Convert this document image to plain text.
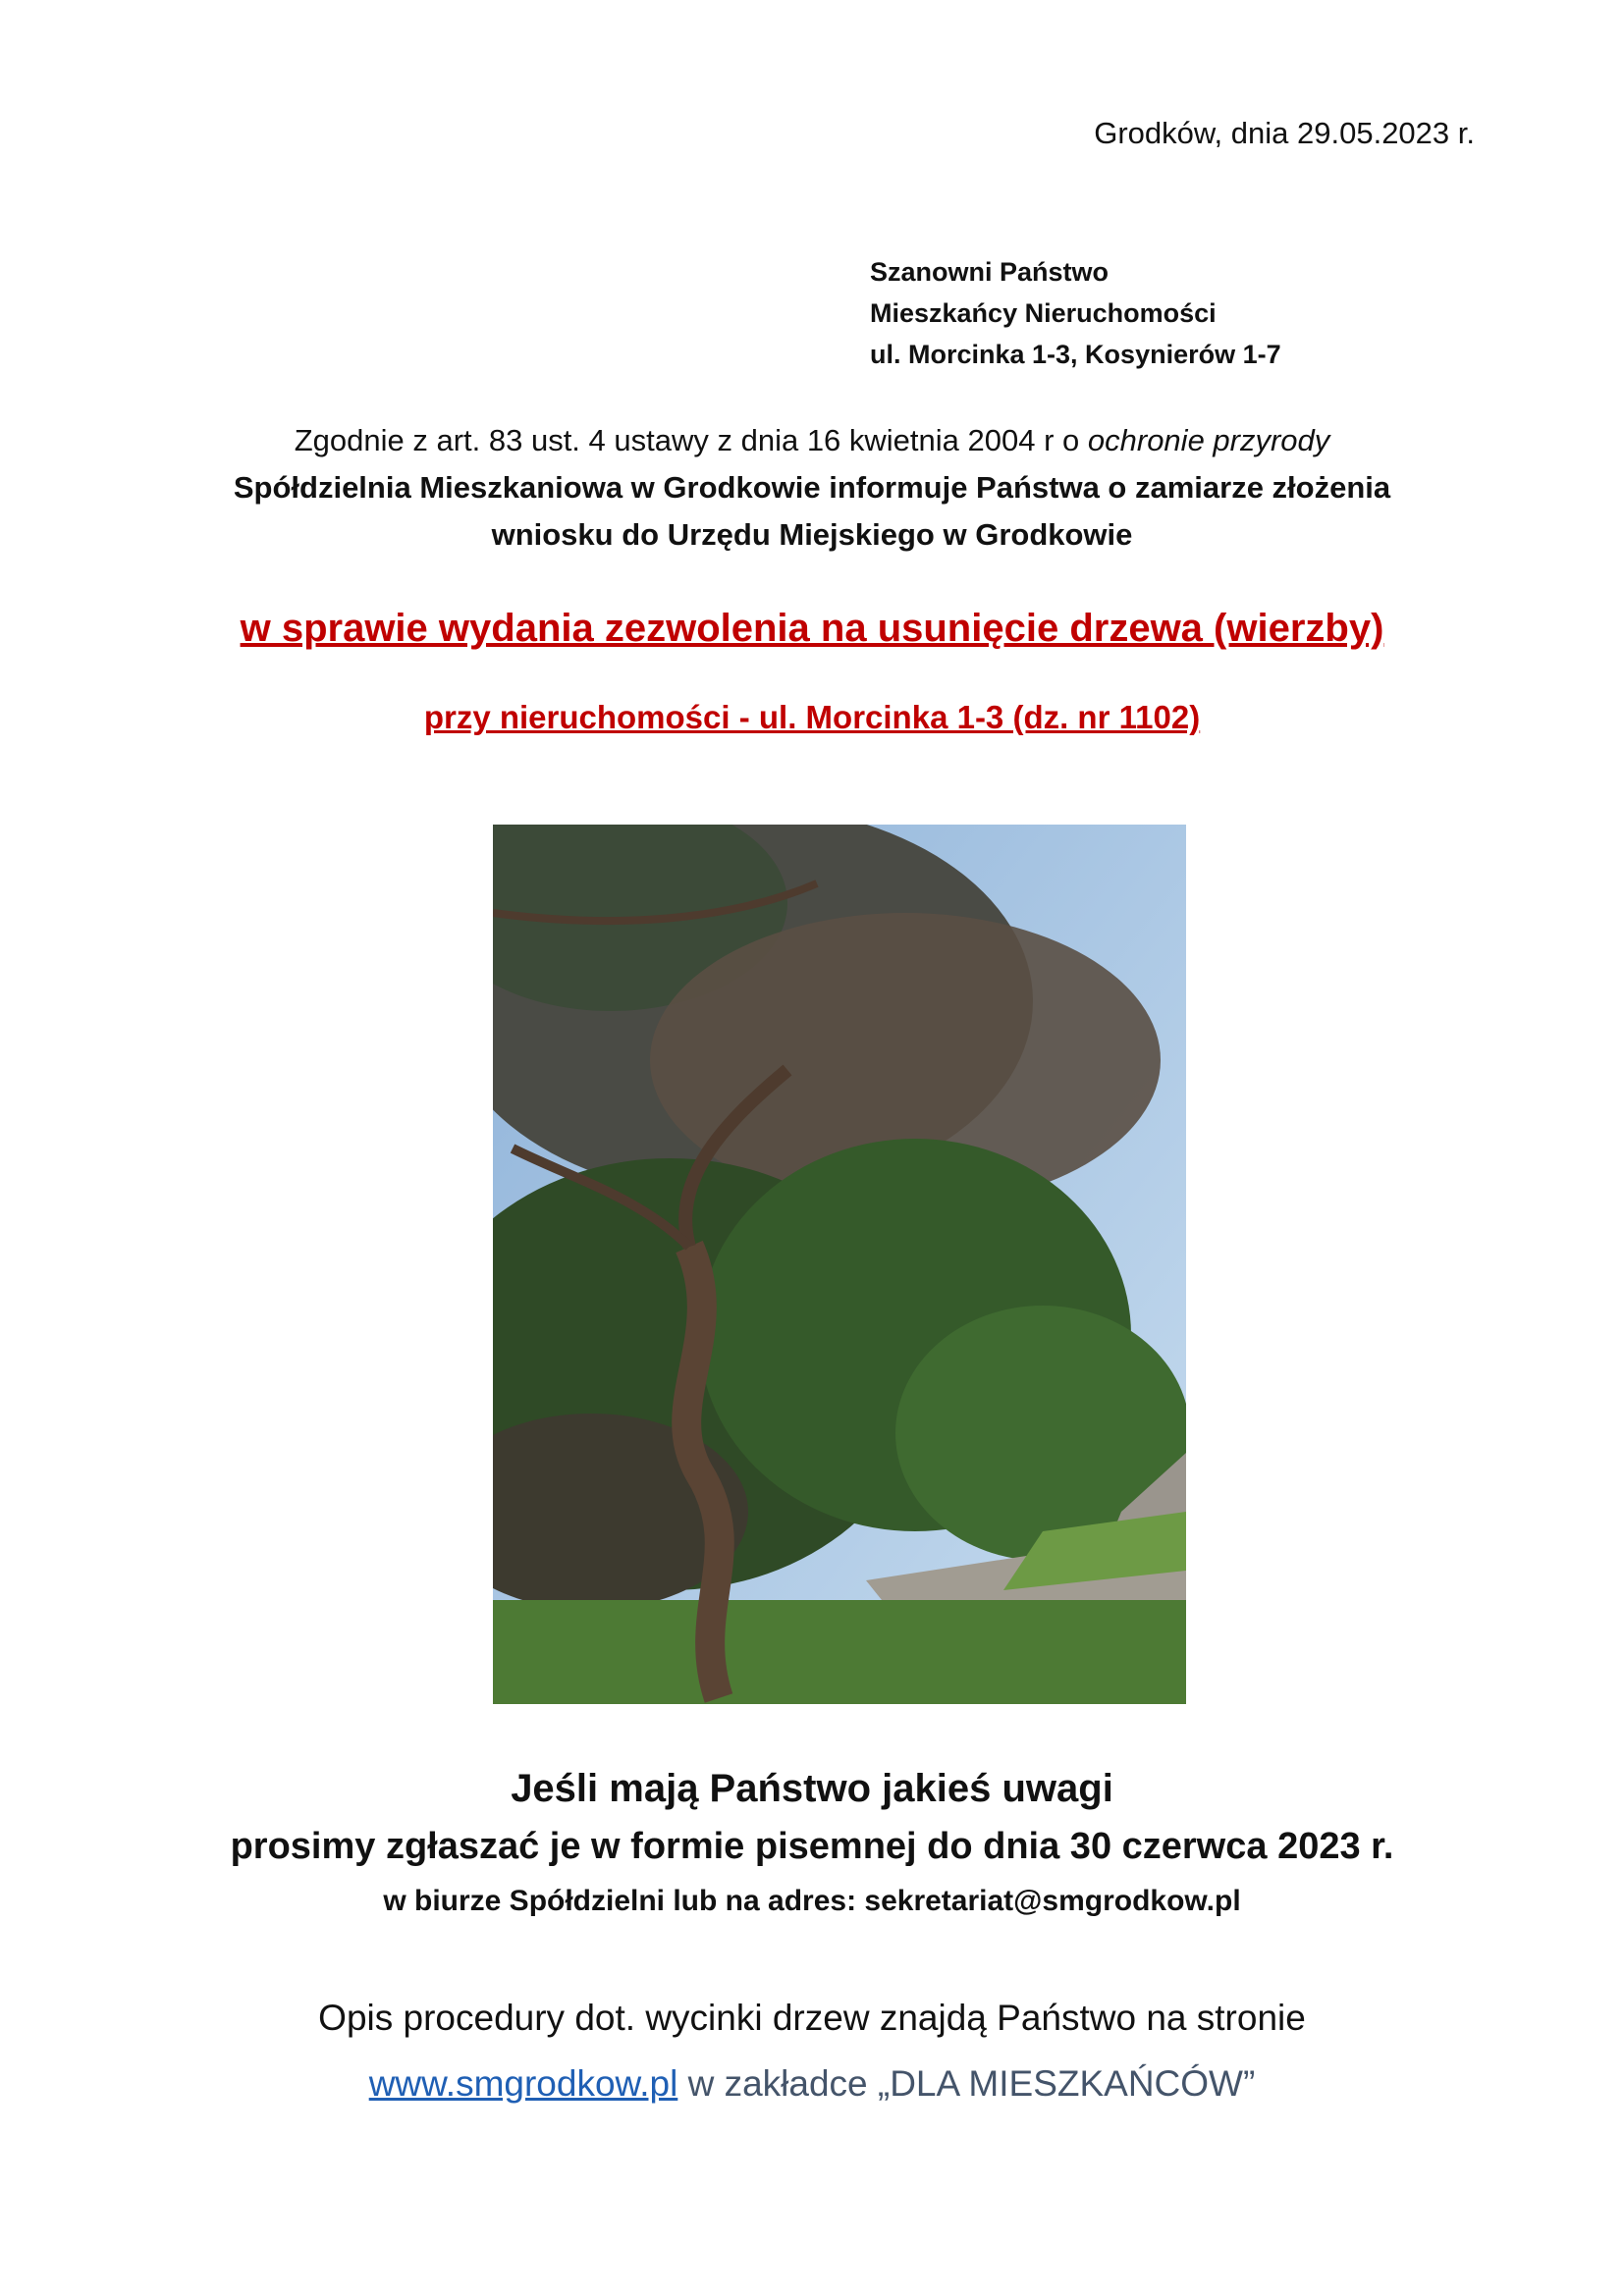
Grodków, dnia 29.05.2023 r.
Szanowni Państwo
Mieszkańcy Nieruchomości
ul. Morcinka 1-3, Kosynierów 1-7
Zgodnie z art. 83 ust. 4 ustawy z dnia 16 kwietnia 2004 r o ochronie przyrody
Spółdzielnia Mieszkaniowa w Grodkowie informuje Państwa o zamiarze złożenia
wniosku do Urzędu Miejskiego w Grodkowie
w sprawie wydania zezwolenia na usunięcie drzewa (wierzby)
przy nieruchomości - ul. Morcinka 1-3 (dz. nr 1102)
Jeśli mają Państwo jakieś uwagi
prosimy zgłaszać je w formie pisemnej do dnia 30 czerwca 2023 r.
w biurze Spółdzielni lub na adres: sekretariat@smgrodkow.pl
Opis procedury dot. wycinki drzew znajdą Państwo na stronie
www.smgrodkow.pl w zakładce „DLA MIESZKAŃCÓW”
